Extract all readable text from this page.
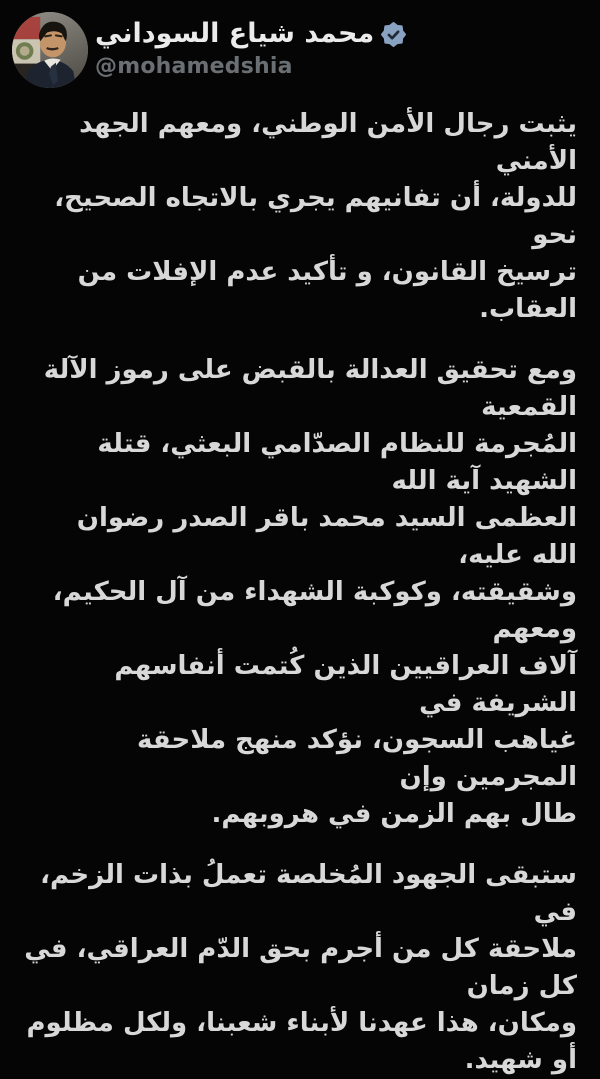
محمد شياع السوداني
@mohamedshia

يثبت رجال الأمن الوطني، ومعهم الجهد الأمني
للدولة، أن تفانيهم يجري بالاتجاه الصحيح، نحو
ترسيخ القانون، و تأكيد عدم الإفلات من العقاب.

ومع تحقيق العدالة بالقبض على رموز الآلة القمعية
المُجرمة للنظام الصدّامي البعثي، قتلة الشهيد آية الله
العظمى السيد محمد باقر الصدر رضوان الله عليه،
وشقيقته، وكوكبة الشهداء من آل الحكيم، ومعهم
آلاف العراقيين الذين كُتمت أنفاسهم الشريفة في
غياهب السجون، نؤكد منهج ملاحقة المجرمين وإن
طال بهم الزمن في هروبهم.

ستبقى الجهود المُخلصة تعملُ بذات الزخم، في
ملاحقة كل من أجرم بحق الدّم العراقي، في كل زمان
ومكان، هذا عهدنا لأبناء شعبنا، ولكل مظلوم أو شهيد.
